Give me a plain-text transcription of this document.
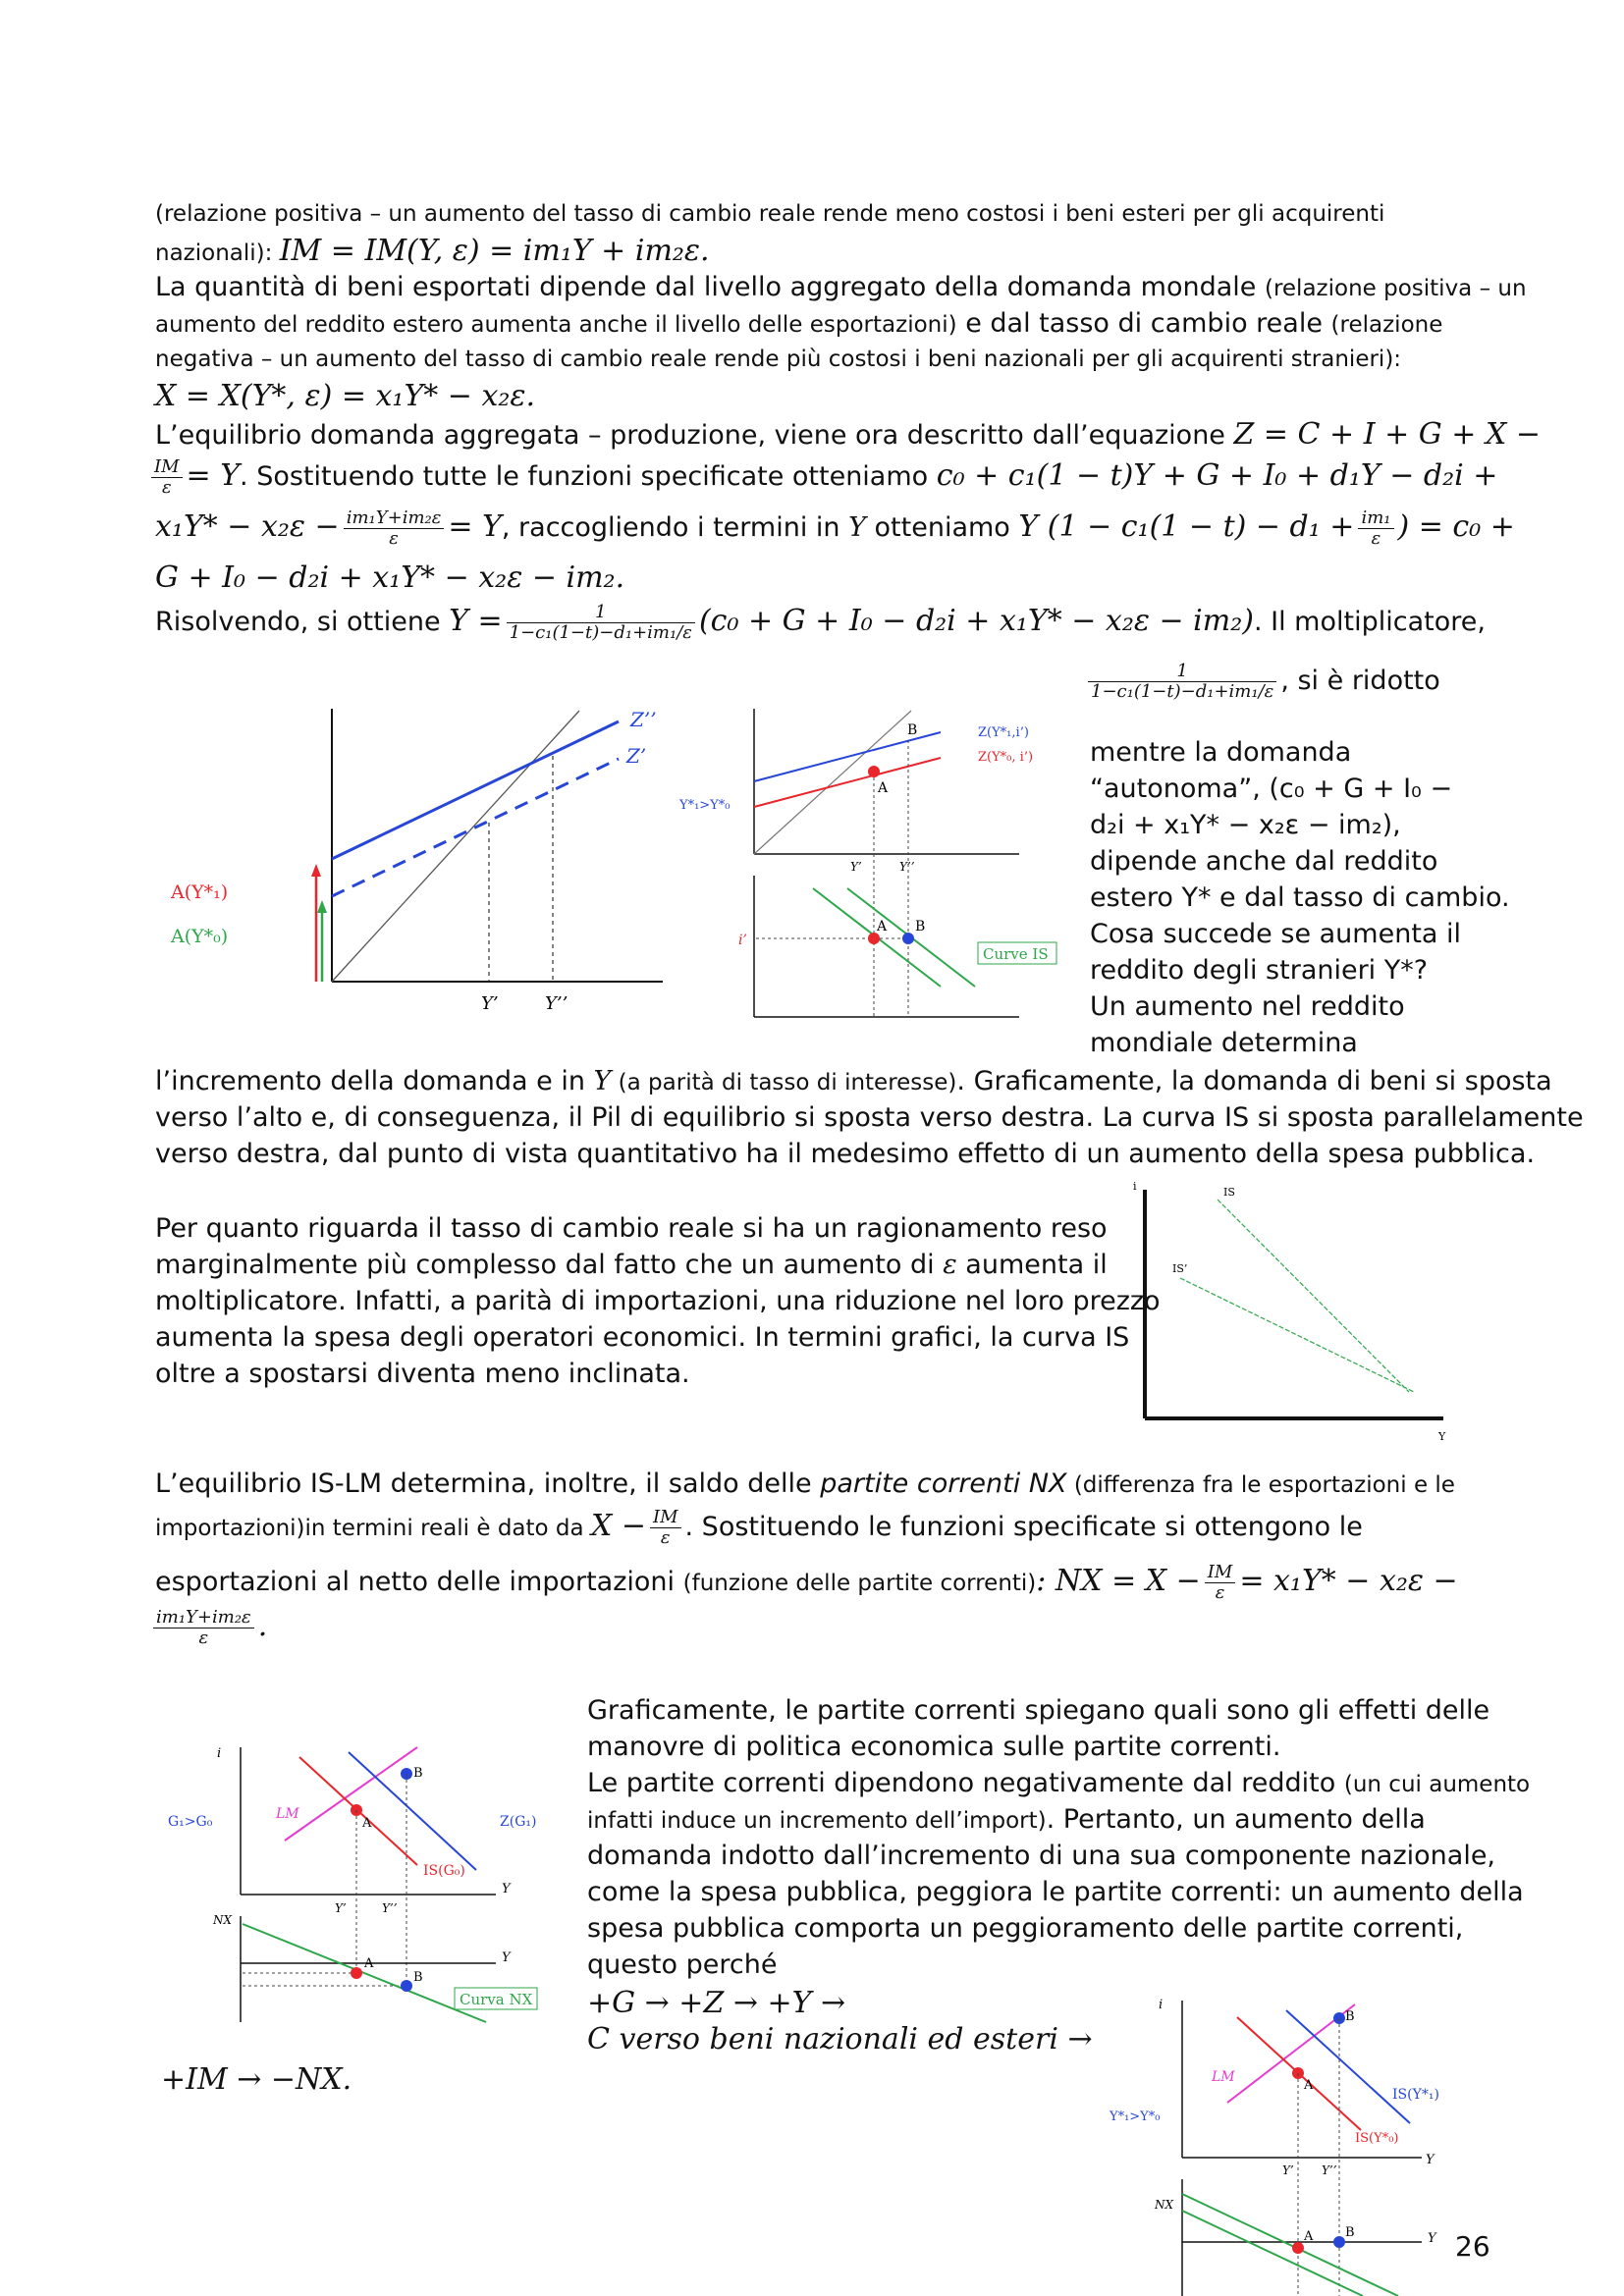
(relazione positiva – un aumento del tasso di cambio reale rende meno costosi i beni esteri per gli acquirenti
nazionali): IM = IM(Y, ε) = im₁Y + im₂ε.
La quantità di beni esportati dipende dal livello aggregato della domanda mondale (relazione positiva – un
aumento del reddito estero aumenta anche il livello delle esportazioni) e dal tasso di cambio reale (relazione
negativa – un aumento del tasso di cambio reale rende più costosi i beni nazionali per gli acquirenti stranieri):
X = X(Y*, ε) = x₁Y* − x₂ε.
L’equilibrio domanda aggregata – produzione, viene ora descritto dall’equazione Z = C + I + G + X −
$\frac{IM}{\varepsilon} = Y$. Sostituendo tutte le funzioni specificate otteniamo c₀ + c₁(1 − t)Y + G + I₀ + d₁Y − d₂i +
$x_1Y* - x_2\varepsilon - \frac{\text{im₁Y+im₂ε}}{\varepsilon} = Y$, raccogliendo i termini in Y otteniamo Y ($1 - c_1(1 - t) - d_1 + \frac{\text{im₁}}{\varepsilon}$ ) = c₀ +
G + I₀ − d₂i + x₁Y* − x₂ε − im₂.
Risolvendo, si ottiene $Y = \frac{1}{\text{1−c₁(1−t)−d₁+im₁/ε}} (c_0 + G + I_0 - d_2i + x_1Y* - x_2\varepsilon - im_2)$. Il moltiplicatore,
$\frac{1}{\text{1−c₁(1−t)−d₁+im₁/ε}}$ , si è ridotto
mentre la domanda
“autonoma”, (c₀ + G + I₀ −
d₂i + x₁Y* − x₂ε − im₂),
dipende anche dal reddito
estero Y* e dal tasso di cambio.
Cosa succede se aumenta il
reddito degli stranieri Y*?
Un aumento nel reddito
mondiale determina
Z’’
Z’
A(Y*₁)
A(Y*₀)
Y’	Y’’
A
B	Z(Y*₁,i’)
Z(Y*₀, i’)
Y*₁>Y*₀
Y’	Y’’
A B
i’
Curve IS
l’incremento della domanda e in Y (a parità di tasso di interesse). Graficamente, la domanda di beni si sposta
verso l’alto e, di conseguenza, il Pil di equilibrio si sposta verso destra. La curva IS si sposta parallelamente
verso destra, dal punto di vista quantitativo ha il medesimo effetto di un aumento della spesa pubblica.
Per quanto riguarda il tasso di cambio reale si ha un ragionamento reso
marginalmente più complesso dal fatto che un aumento di ε aumenta il
moltiplicatore. Infatti, a parità di importazioni, una riduzione nel loro prezzo
aumenta la spesa degli operatori economici. In termini grafici, la curva IS
oltre a spostarsi diventa meno inclinata.
i	IS
IS’
Y
L’equilibrio IS-LM determina, inoltre, il saldo delle partite correnti NX (differenza fra le esportazioni e le
importazioni)in termini reali è dato da $X - \frac{IM}{\varepsilon}$ . Sostituendo le funzioni specificate si ottengono le
esportazioni al netto delle importazioni (funzione delle partite correnti): NX = $X - \frac{IM}{\varepsilon} = x_1Y* - x_2\varepsilon$ −
$\frac{\text{im₁Y+im₂ε}}{\varepsilon}$ .
Graficamente, le partite correnti spiegano quali sono gli effetti delle
manovre di politica economica sulle partite correnti.
Le partite correnti dipendono negativamente dal reddito (un cui aumento
infatti induce un incremento dell’import). Pertanto, un aumento della
domanda indotto dall’incremento di una sua componente nazionale,
come la spesa pubblica, peggiora le partite correnti: un aumento della
spesa pubblica comporta un peggioramento delle partite correnti,
questo perché
+G → +Z → +Y →
C verso beni nazionali ed esteri →
+IM → −NX.
i
LM
G₁>G₀	Z(G₁)
IS(G₀)
Y
Y’	Y’’
A
B
NX
Y
A
B
Curva NX	i
LM
Y*₁>Y*₀
IS(Y*₁)
IS(Y*₀)
Y
Y’ Y’’
A
B
NX
Y
A	B	26
